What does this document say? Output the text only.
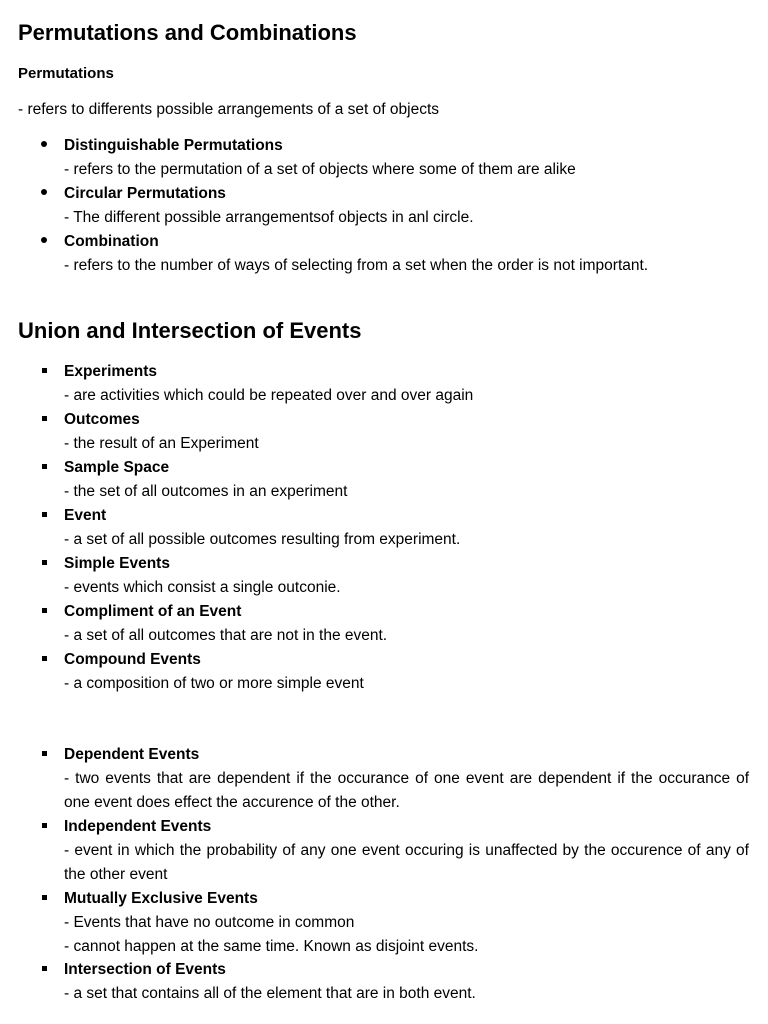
Permutations and Combinations
Permutations
- refers to differents possible arrangements of a set of objects
Distinguishable Permutations
- refers to the permutation of a set of objects where some of them are alike
Circular Permutations
- The different possible arrangementsof objects in anl circle.
Combination
- refers to the number of ways of selecting from a set when the order is not important.
Union and Intersection of Events
Experiments
- are activities which could be repeated over and over again
Outcomes
- the result of an Experiment
Sample Space
- the set of all outcomes in an experiment
Event
- a set of all possible outcomes resulting from experiment.
Simple Events
- events which consist a single outconie.
Compliment of an Event
- a set of all outcomes that are not in the event.
Compound Events
- a composition of two or more simple event
Dependent Events
- two events that are dependent if the occurance of one event are dependent if the occurance of one event does effect the accurence of the other.
Independent Events
- event in which the probability of any one event occuring is unaffected by the occurence of any of the other event
Mutually Exclusive Events
- Events that have no outcome in common
- cannot happen at the same time. Known as disjoint events.
Intersection of Events
- a set that contains all of the element that are in both event.
